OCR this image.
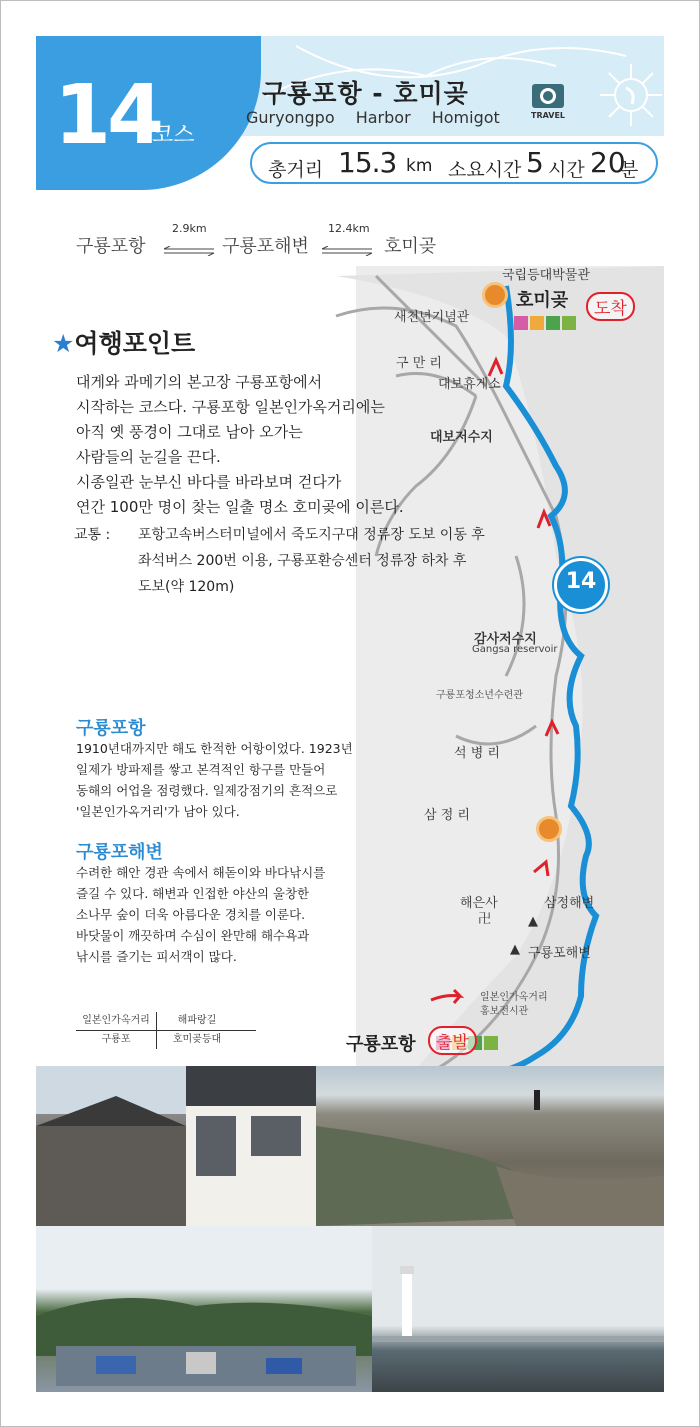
14
코스
구룡포항 - 호미곶
Guryongpo Harbor Homigot	TRAVEL
총거리 15.3 km 소요시간 5 시간 20
분
구룡포항
2.9km
구룡포해변
12.4km
호미곶
국립등대박물관
호미곶
새천년기념관	도착
구 만 리
대보휴게소
대보저수지
14
감사저수지
Gangsa reservoir
구룡포청소년수련관
석 병 리
삼 정 리
해은사
卍
삼정해변
▲
▲ 구룡포해변
일본인가옥거리
홍보전시관
구룡포항	출발
★여행포인트

대게와 과메기의 본고장 구룡포항에서

시작하는 코스다. 구룡포항 일본인가옥거리에는

아직 옛 풍경이 그대로 남아 오가는

사람들의 눈길을 끈다.

시종일관 눈부신 바다를 바라보며 걷다가

연간 100만 명이 찾는 일출 명소 호미곶에 이른다.

교통 : 포항고속버스터미널에서 죽도지구대 정류장 도보 이동 후
좌석버스 200번 이용, 구룡포환승센터 정류장 하차 후
도보(약 120m)
구룡포항
1910년대까지만 해도 한적한 어항이었다. 1923년
일제가 방파제를 쌓고 본격적인 항구를 만들어
동해의 어업을 점령했다. 일제강점기의 흔적으로
'일본인가옥거리'가 남아 있다.
구룡포해변
수려한 해안 경관 속에서 해돋이와 바다낚시를
즐길 수 있다. 해변과 인접한 야산의 울창한
소나무 숲이 더욱 아름다운 경치를 이룬다.
바닷물이 깨끗하며 수심이 완만해 해수욕과
낚시를 즐기는 피서객이 많다.
일본인가옥거리	해파랑길
구룡포	호미곶등대
